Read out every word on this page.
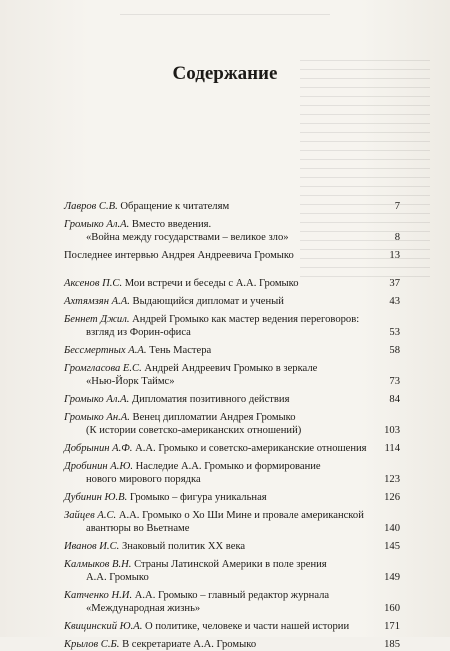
Содержание
Лавров С.В. Обращение к читателям	7
Громыко Ал.А. Вместо введения.
«Война между государствами – великое зло»	8
Последнее интервью Андрея Андреевича Громыко	13
Аксенов П.С. Мои встречи и беседы с А.А. Громыко	37
Ахтямзян А.А. Выдающийся дипломат и ученый	43
Беннет Джил. Андрей Громыко как мастер ведения переговоров:
взгляд из Форин-офиса	53
Бессмертных А.А. Тень Мастера	58
Громгласова Е.С. Андрей Андреевич Громыко в зеркале
«Нью-Йорк Таймс»	73
Громыко Ал.А. Дипломатия позитивного действия	84
Громыко Ан.А. Венец дипломатии Андрея Громыко
(К истории советско-американских отношений)	103
Добрынин А.Ф. А.А. Громыко и советско-американские отношения	114
Дробинин А.Ю. Наследие А.А. Громыко и формирование
нового мирового порядка	123
Дубинин Ю.В. Громыко – фигура уникальная	126
Зайцев А.С. А.А. Громыко о Хо Ши Мине и провале американской
авантюры во Вьетнаме	140
Иванов И.С. Знаковый политик XX века	145
Калмыков В.Н. Страны Латинской Америки в поле зрения
А.А. Громыко	149
Катченко Н.И. А.А. Громыко – главный редактор журнала
«Международная жизнь»	160
Квицинский Ю.А. О политике, человеке и части нашей истории	171
Крылов С.Б. В секретариате А.А. Громыко	185
